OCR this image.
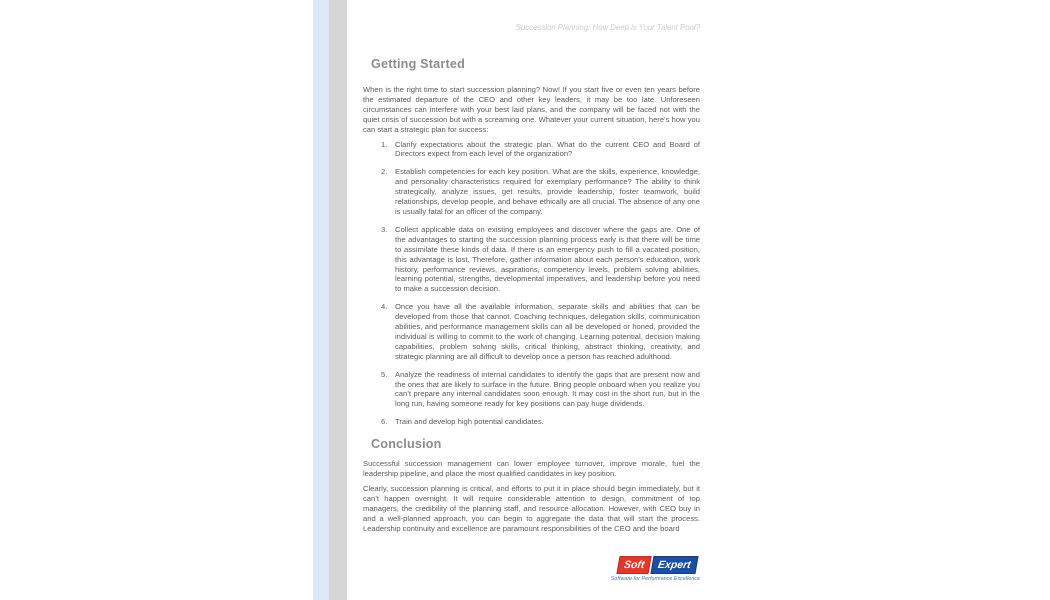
Succession Planning: How Deep is Your Talent Pool?
Getting Started

When is the right time to start succession planning? Now! If you start five or even ten years before the estimated departure of the CEO and other key leaders, it may be too late. Unforeseen circumstances can interfere with your best laid plans, and the company will be faced not with the quiet crisis of succession but with a screaming one. Whatever your current situation, here’s how you can start a strategic plan for success:

1.	Clarify expectations about the strategic plan. What do the current CEO and Board of Directors expect from each level of the organization?
2.	Establish competencies for each key position. What are the skills, experience, knowledge, and personality characteristics required for exemplary performance? The ability to think strategically, analyze issues, get results, provide leadership, foster teamwork, build relationships, develop people, and behave ethically are all crucial. The absence of any one is usually fatal for an officer of the company.
3.	Collect applicable data on existing employees and discover where the gaps are. One of the advantages to starting the succession planning process early is that there will be time to assimilate these kinds of data. If there is an emergency push to fill a vacated position, this advantage is lost. Therefore, gather information about each person’s education, work history, performance reviews, aspirations, competency levels, problem solving abilities, learning potential, strengths, developmental imperatives, and leadership before you need to make a succession decision.
4.	Once you have all the available information, separate skills and abilities that can be developed from those that cannot. Coaching techniques, delegation skills, communication abilities, and performance management skills can all be developed or honed, provided the individual is willing to commit to the work of changing. Learning potential, decision making capabilities, problem solving skills, critical thinking, abstract thinking, creativity, and strategic planning are all difficult to develop once a person has reached adulthood.
5.	Analyze the readiness of internal candidates to identify the gaps that are present now and the ones that are likely to surface in the future. Bring people onboard when you realize you can’t prepare any internal candidates soon enough. It may cost in the short run, but in the long run, having someone ready for key positions can pay huge dividends.
6.	Train and develop high potential candidates.
Conclusion

Successful succession management can lower employee turnover, improve morale, fuel the leadership pipeline, and place the most qualified candidates in key position.

Clearly, succession planning is critical, and efforts to put it in place should begin immediately, but it can’t happen overnight. It will require considerable attention to design, commitment of top managers, the credibility of the planning staff, and resource allocation. However, with CEO buy in and a well-planned approach, you can begin to aggregate the data that will start the process. Leadership continuity and excellence are paramount responsibilities of the CEO and the board

Soft	Expert
Software for Performance Excellence
